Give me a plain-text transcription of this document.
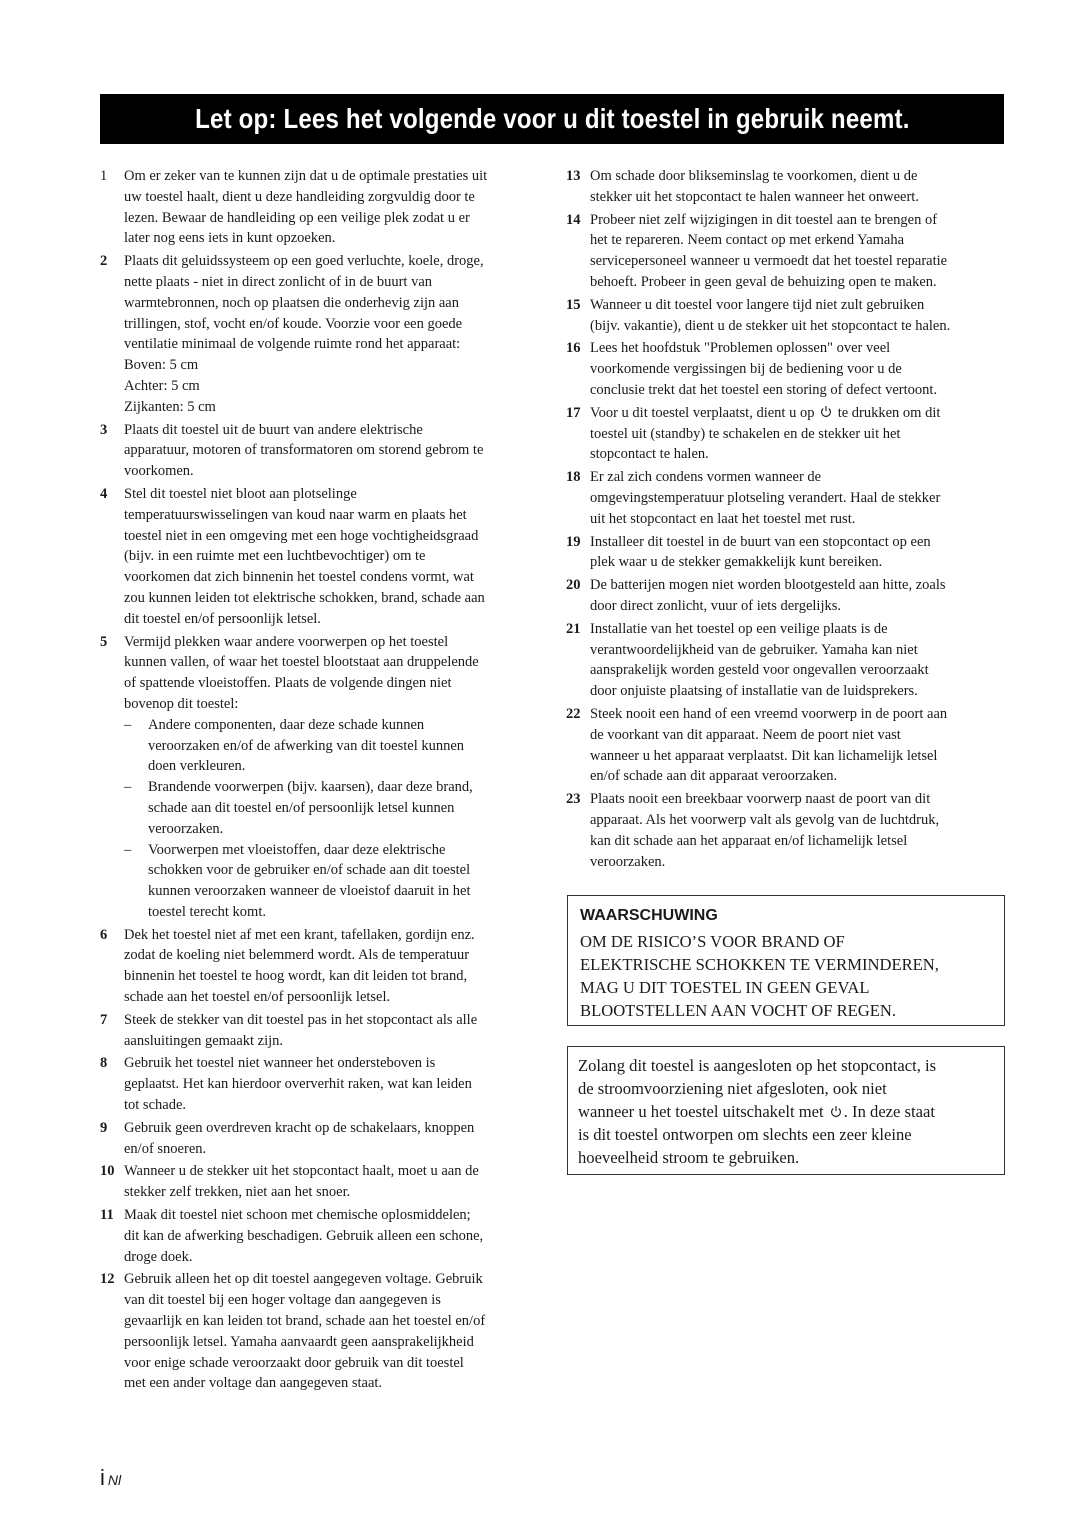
Let op: Lees het volgende voor u dit toestel in gebruik neemt.
1 Om er zeker van te kunnen zijn dat u de optimale prestaties uit
uw toestel haalt, dient u deze handleiding zorgvuldig door te
lezen. Bewaar de handleiding op een veilige plek zodat u er
later nog eens iets in kunt opzoeken.
2 Plaats dit geluidssysteem op een goed verluchte, koele, droge,
nette plaats - niet in direct zonlicht of in de buurt van
warmtebronnen, noch op plaatsen die onderhevig zijn aan
trillingen, stof, vocht en/of koude. Voorzie voor een goede
ventilatie minimaal de volgende ruimte rond het apparaat:
Boven: 5 cm
Achter: 5 cm
Zijkanten: 5 cm
3 Plaats dit toestel uit de buurt van andere elektrische
apparatuur, motoren of transformatoren om storend gebrom te
voorkomen.
4 Stel dit toestel niet bloot aan plotselinge
temperatuurswisselingen van koud naar warm en plaats het
toestel niet in een omgeving met een hoge vochtigheidsgraad
(bijv. in een ruimte met een luchtbevochtiger) om te
voorkomen dat zich binnenin het toestel condens vormt, wat
zou kunnen leiden tot elektrische schokken, brand, schade aan
dit toestel en/of persoonlijk letsel.
5 Vermijd plekken waar andere voorwerpen op het toestel
kunnen vallen, of waar het toestel blootstaat aan druppelende
of spattende vloeistoffen. Plaats de volgende dingen niet
bovenop dit toestel:
– Andere componenten, daar deze schade kunnen
veroorzaken en/of de afwerking van dit toestel kunnen
doen verkleuren.
– Brandende voorwerpen (bijv. kaarsen), daar deze brand,
schade aan dit toestel en/of persoonlijk letsel kunnen
veroorzaken.
– Voorwerpen met vloeistoffen, daar deze elektrische
schokken voor de gebruiker en/of schade aan dit toestel
kunnen veroorzaken wanneer de vloeistof daaruit in het
toestel terecht komt.
6 Dek het toestel niet af met een krant, tafellaken, gordijn enz.
zodat de koeling niet belemmerd wordt. Als de temperatuur
binnenin het toestel te hoog wordt, kan dit leiden tot brand,
schade aan het toestel en/of persoonlijk letsel.
7 Steek de stekker van dit toestel pas in het stopcontact als alle
aansluitingen gemaakt zijn.
8 Gebruik het toestel niet wanneer het ondersteboven is
geplaatst. Het kan hierdoor oververhit raken, wat kan leiden
tot schade.
9 Gebruik geen overdreven kracht op de schakelaars, knoppen
en/of snoeren.
10 Wanneer u de stekker uit het stopcontact haalt, moet u aan de
stekker zelf trekken, niet aan het snoer.
11 Maak dit toestel niet schoon met chemische oplosmiddelen;
dit kan de afwerking beschadigen. Gebruik alleen een schone,
droge doek.
12 Gebruik alleen het op dit toestel aangegeven voltage. Gebruik
van dit toestel bij een hoger voltage dan aangegeven is
gevaarlijk en kan leiden tot brand, schade aan het toestel en/of
persoonlijk letsel. Yamaha aanvaardt geen aansprakelijkheid
voor enige schade veroorzaakt door gebruik van dit toestel
met een ander voltage dan aangegeven staat.
13 Om schade door blikseminslag te voorkomen, dient u de
stekker uit het stopcontact te halen wanneer het onweert.
14 Probeer niet zelf wijzigingen in dit toestel aan te brengen of
het te repareren. Neem contact op met erkend Yamaha
servicepersoneel wanneer u vermoedt dat het toestel reparatie
behoeft. Probeer in geen geval de behuizing open te maken.
15 Wanneer u dit toestel voor langere tijd niet zult gebruiken
(bijv. vakantie), dient u de stekker uit het stopcontact te halen.
16 Lees het hoofdstuk "Problemen oplossen" over veel
voorkomende vergissingen bij de bediening voor u de
conclusie trekt dat het toestel een storing of defect vertoont.
17 Voor u dit toestel verplaatst, dient u op  te drukken om dit
toestel uit (standby) te schakelen en de stekker uit het
stopcontact te halen.
18 Er zal zich condens vormen wanneer de
omgevingstemperatuur plotseling verandert. Haal de stekker
uit het stopcontact en laat het toestel met rust.
19 Installeer dit toestel in de buurt van een stopcontact op een
plek waar u de stekker gemakkelijk kunt bereiken.
20 De batterijen mogen niet worden blootgesteld aan hitte, zoals
door direct zonlicht, vuur of iets dergelijks.
21 Installatie van het toestel op een veilige plaats is de
verantwoordelijkheid van de gebruiker. Yamaha kan niet
aansprakelijk worden gesteld voor ongevallen veroorzaakt
door onjuiste plaatsing of installatie van de luidsprekers.
22 Steek nooit een hand of een vreemd voorwerp in de poort aan
de voorkant van dit apparaat. Neem de poort niet vast
wanneer u het apparaat verplaatst. Dit kan lichamelijk letsel
en/of schade aan dit apparaat veroorzaken.
23 Plaats nooit een breekbaar voorwerp naast de poort van dit
apparaat. Als het voorwerp valt als gevolg van de luchtdruk,
kan dit schade aan het apparaat en/of lichamelijk letsel
veroorzaken.
WAARSCHUWING
OM DE RISICO’S VOOR BRAND OF
ELEKTRISCHE SCHOKKEN TE VERMINDEREN,
MAG U DIT TOESTEL IN GEEN GEVAL
BLOOTSTELLEN AAN VOCHT OF REGEN.
Zolang dit toestel is aangesloten op het stopcontact, is
de stroomvoorziening niet afgesloten, ook niet
wanneer u het toestel uitschakelt met . In deze staat
is dit toestel ontworpen om slechts een zeer kleine
hoeveelheid stroom te gebruiken.
i Nl
